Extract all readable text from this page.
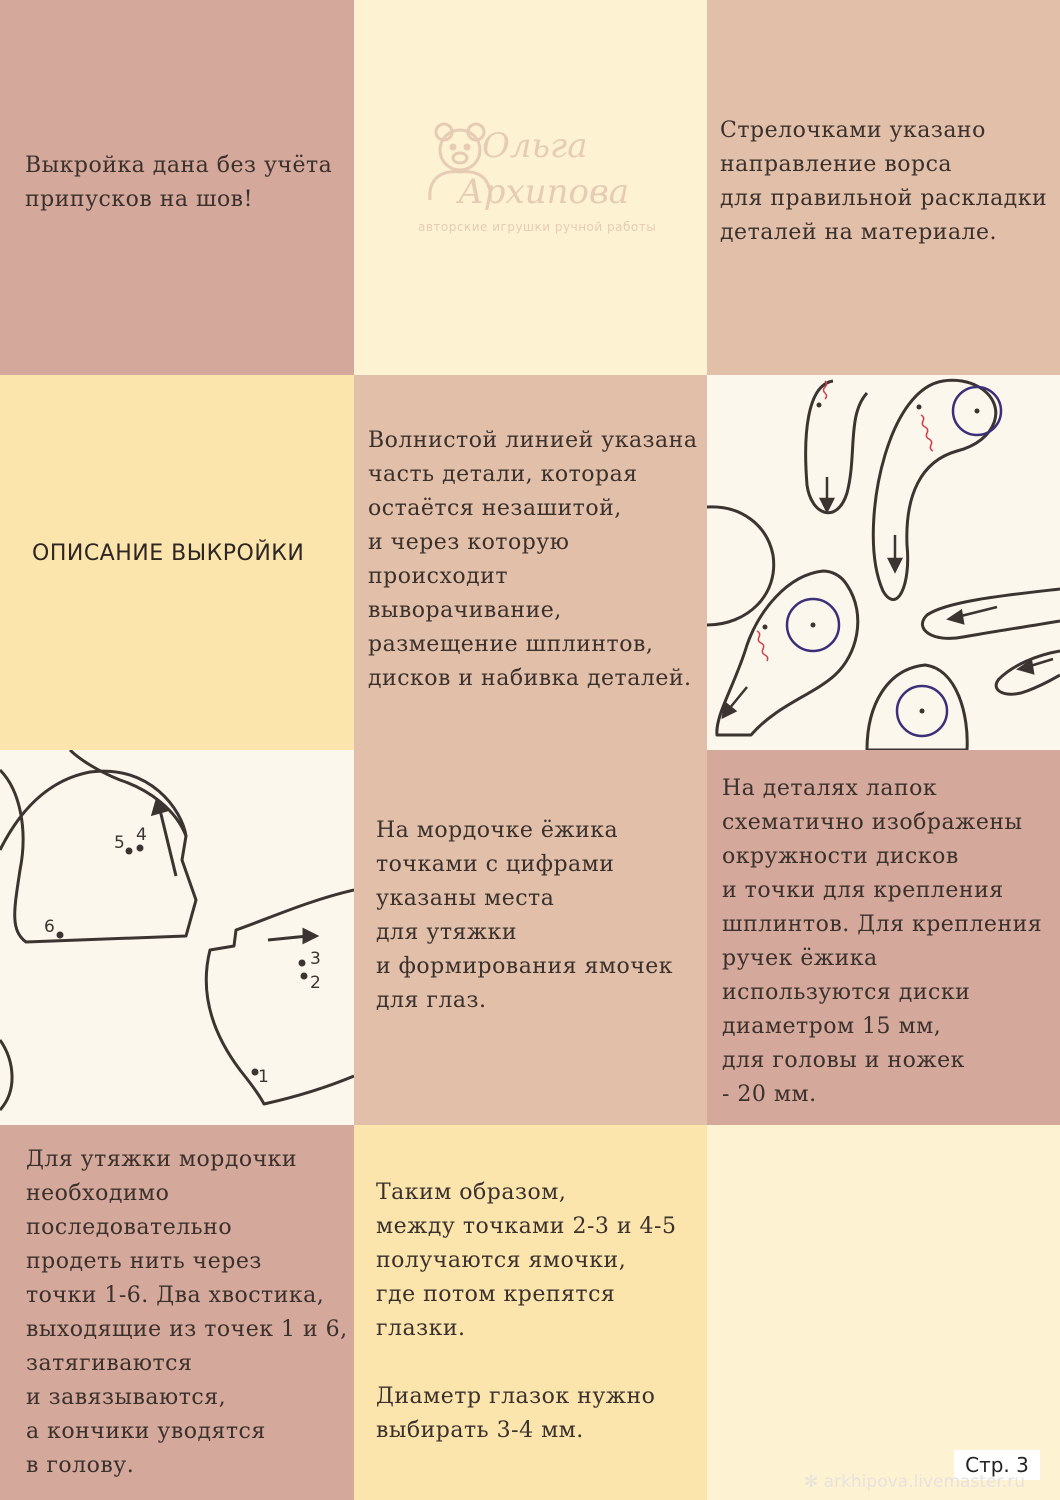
Выкройка дана без учёта
припусков на шов!
Ольга
Архипова
авторские игрушки ручной работы
Стрелочками указано
направление ворса
для правильной раскладки
деталей на материале.
ОПИСАНИЕ ВЫКРОЙКИ
Волнистой линией указана
часть детали, которая
остаётся незашитой,
и через которую
происходит
выворачивание,
размещение шплинтов,
дисков и набивка деталей.
1
2
3
4
5
6
На мордочке ёжика
точками с цифрами
указаны места
для утяжки
и формирования ямочек
для глаз.
На деталях лапок
схематично изображены
окружности дисков
и точки для крепления
шплинтов. Для крепления
ручек ёжика
используются диски
диаметром 15 мм,
для головы и ножек
- 20 мм.
Для утяжки мордочки
необходимо
последовательно
продеть нить через
точки 1-6. Два хвостика,
выходящие из точек 1 и 6,
затягиваются
и завязываются,
а кончики уводятся
в голову.
Таким образом,
между точками 2-3 и 4-5
получаются ямочки,
где потом крепятся
глазки.
Диаметр глазок нужно
выбирать 3-4 мм.
Стр. 3
✻ arkhipova.livemaster.ru
